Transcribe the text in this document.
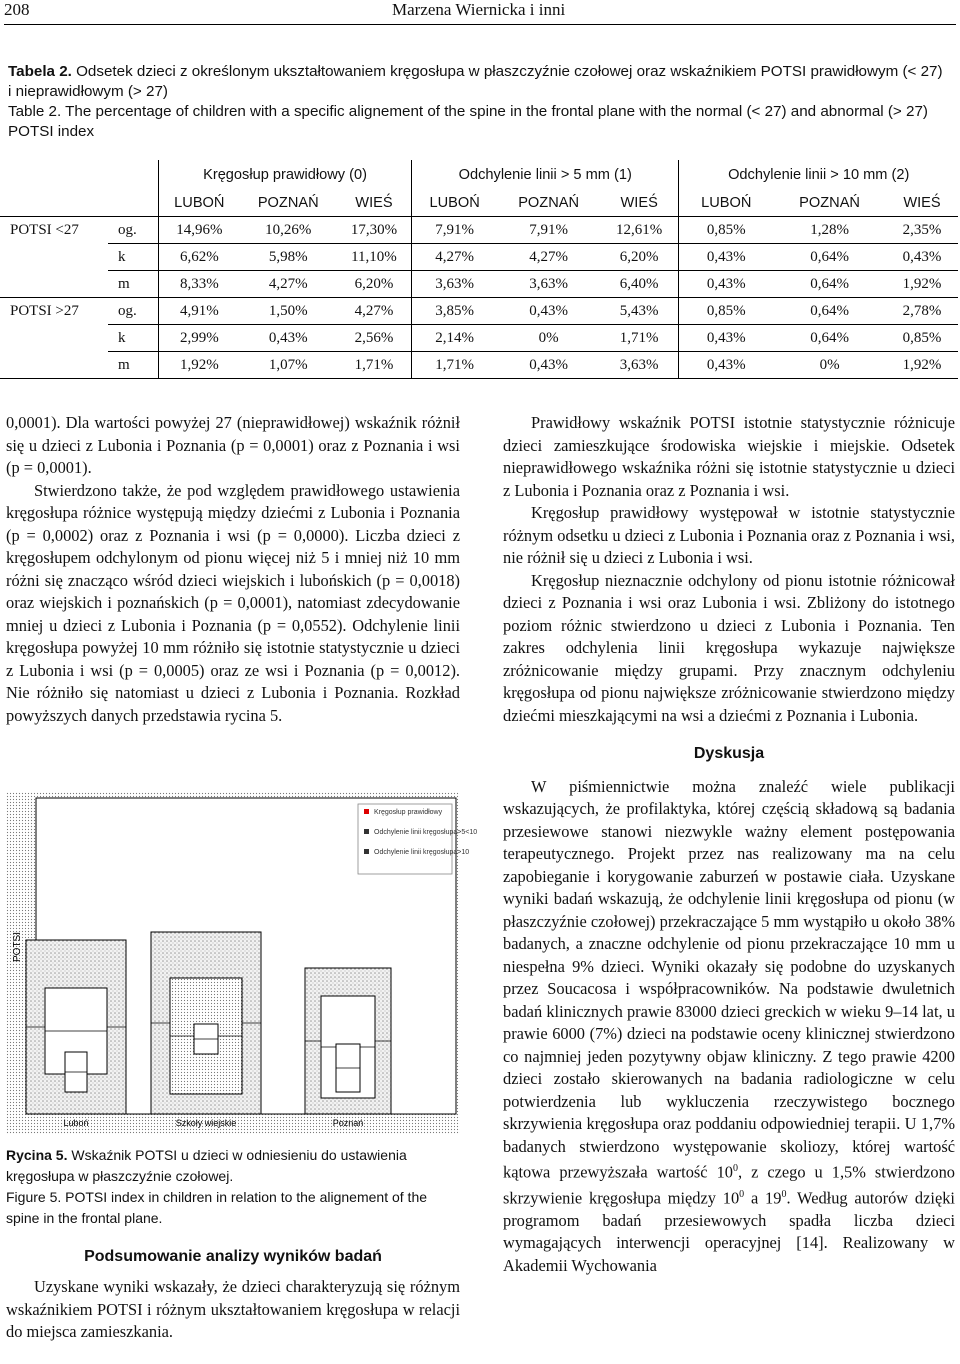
208	Marzena Wiernicka i inni
Tabela 2. Odsetek dzieci z określonym ukształtowaniem kręgosłupa w płaszczyźnie czołowej oraz wskaźnikiem POTSI prawidłowym (< 27) i nieprawidłowym (> 27)
Table 2. The percentage of children with a specific alignement of the spine in the frontal plane with the normal (< 27) and abnormal (> 27) POTSI index
		Kręgosłup prawidłowy (0)			Odchylenie linii > 5 mm (1)			Odchylenie linii > 10 mm (2)		
		LUBOŃ	POZNAŃ	WIEŚ	LUBOŃ	POZNAŃ	WIEŚ	LUBOŃ	POZNAŃ	WIEŚ
POTSI <27	og.	14,96%	10,26%	17,30%	7,91%	7,91%	12,61%	0,85%	1,28%	2,35%
	k	6,62%	5,98%	11,10%	4,27%	4,27%	6,20%	0,43%	0,64%	0,43%
	m	8,33%	4,27%	6,20%	3,63%	3,63%	6,40%	0,43%	0,64%	1,92%
POTSI >27	og.	4,91%	1,50%	4,27%	3,85%	0,43%	5,43%	0,85%	0,64%	2,78%
	k	2,99%	0,43%	2,56%	2,14%	0%	1,71%	0,43%	0,64%	0,85%
	m	1,92%	1,07%	1,71%	1,71%	0,43%	3,63%	0,43%	0%	1,92%

0,0001). Dla wartości powyżej 27 (nieprawidłowej) wskaźnik różnił się u dzieci z Lubonia i Poznania (p = 0,0001) oraz z Poznania i wsi (p = 0,0001).

Stwierdzono także, że pod względem prawidłowego ustawienia kręgosłupa różnice występują między dziećmi z Lubonia i Poznania (p = 0,0002) oraz z Poznania i wsi (p = 0,0000). Liczba dzieci z kręgosłupem odchylonym od pionu więcej niż 5 i mniej niż 10 mm różni się znacząco wśród dzieci wiejskich i lubońskich (p = 0,0018) oraz wiejskich i poznańskich (p = 0,0001), natomiast zdecydowanie mniej u dzieci z Lubonia i Poznania (p = 0,0552). Odchylenie linii kręgosłupa powyżej 10 mm różniło się istotnie statystycznie u dzieci z Lubonia i wsi (p = 0,0005) oraz ze wsi i Poznania (p = 0,0012). Nie różniło się natomiast u dzieci z Lubonia i Poznania. Rozkład powyższych danych przedstawia rycina 5.

Kręgosłup prawidłowy
Odchylenie linii kręgosłupa>5<10
Odchylenie linii kręgosłupa>10
POTSI
Luboń	Szkoły wiejskie	Poznań
Rycina 5. Wskaźnik POTSI u dzieci w odniesieniu do ustawienia kręgosłupa w płaszczyźnie czołowej.
Figure 5. POTSI index in children in relation to the alignement of the spine in the frontal plane.
Podsumowanie analizy wyników badań

Uzyskane wyniki wskazały, że dzieci charakteryzują się różnym wskaźnikiem POTSI i różnym ukształtowaniem kręgosłupa w relacji do miejsca zamieszkania.

Prawidłowy wskaźnik POTSI istotnie statystycznie różnicuje dzieci zamieszkujące środowiska wiejskie i miejskie. Odsetek nieprawidłowego wskaźnika różni się istotnie statystycznie u dzieci z Lubonia i Poznania oraz z Poznania i wsi.

Kręgosłup prawidłowy występował w istotnie statystycznie różnym odsetku u dzieci z Lubonia i Poznania oraz z Poznania i wsi, nie różnił się u dzieci z Lubonia i wsi.

Kręgosłup nieznacznie odchylony od pionu istotnie różnicował dzieci z Poznania i wsi oraz Lubonia i wsi. Zbliżony do istotnego poziom różnic stwierdzono u dzieci z Lubonia i Poznania. Ten zakres odchylenia linii kręgosłupa wykazuje największe zróżnicowanie między grupami. Przy znacznym odchyleniu kręgosłupa od pionu największe zróżnicowanie stwierdzono między dziećmi mieszkającymi na wsi a dziećmi z Poznania i Lubonia.

Dyskusja

W piśmiennictwie można znaleźć wiele publikacji wskazujących, że profilaktyka, której częścią składową są badania przesiewowe stanowi niezwykle ważny element postępowania terapeutycznego. Projekt przez nas realizowany ma na celu zapobieganie i korygowanie zaburzeń w postawie ciała. Uzyskane wyniki badań wskazują, że odchylenie linii kręgosłupa od pionu (w płaszczyźnie czołowej) przekraczające 5 mm wystąpiło u około 38% badanych, a znaczne odchylenie od pionu przekraczające 10 mm u niespełna 9% dzieci. Wyniki okazały się podobne do uzyskanych przez Soucacosa i współpracowników. Na podstawie dwuletnich badań klinicznych prawie 83000 dzieci greckich w wieku 9–14 lat, u prawie 6000 (7%) dzieci na podstawie oceny klinicznej stwierdzono co najmniej jeden pozytywny objaw kliniczny. Z tego prawie 4200 dzieci zostało skierowanych na badania radiologiczne w celu potwierdzenia lub wykluczenia rzeczywistego bocznego skrzywienia kręgosłupa oraz poddaniu odpowiedniej terapii. U 1,7% badanych stwierdzono występowanie skoliozy, której wartość kątowa przewyższała wartość $10^0$, z czego u 1,5% stwierdzono skrzywienie kręgosłupa między $10^0$ a $19^0$. Według autorów dzięki programom badań przesiewowych spadła liczba dzieci wymagających interwencji operacyjnej [14]. Realizowany w Akademii Wychowania
